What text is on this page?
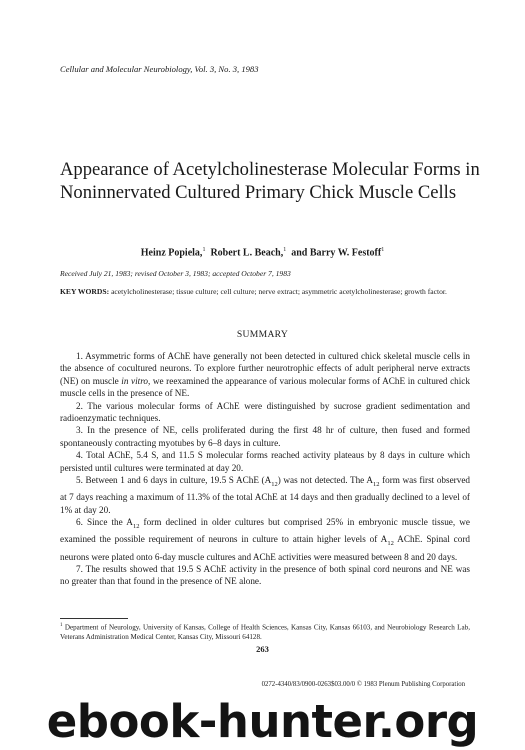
Cellular and Molecular Neurobiology, Vol. 3, No. 3, 1983
Appearance of Acetylcholinesterase Molecular Forms in Noninnervated Cultured Primary Chick Muscle Cells
Heinz Popiela,$^1$ Robert L. Beach,$^1$ and Barry W. Festoff$^1$
Received July 21, 1983; revised October 3, 1983; accepted October 7, 1983
KEY WORDS: acetylcholinesterase; tissue culture; cell culture; nerve extract; asymmetric acetylcholinesterase; growth factor.
SUMMARY

1. Asymmetric forms of AChE have generally not been detected in cultured chick skeletal muscle cells in the absence of cocultured neurons. To explore further neurotrophic effects of adult peripheral nerve extracts (NE) on muscle in vitro, we reexamined the appearance of various molecular forms of AChE in cultured chick muscle cells in the presence of NE.

2. The various molecular forms of AChE were distinguished by sucrose gradient sedimentation and radioenzymatic techniques.

3. In the presence of NE, cells proliferated during the first 48 hr of culture, then fused and formed spontaneously contracting myotubes by 6–8 days in culture.

4. Total AChE, 5.4 S, and 11.5 S molecular forms reached activity plateaus by 8 days in culture which persisted until cultures were terminated at day 20.

5. Between 1 and 6 days in culture, 19.5 S AChE $(A_{12})$ was not detected. The $A_{12}$ form was first observed at 7 days reaching a maximum of 11.3% of the total AChE at 14 days and then gradually declined to a level of 1% at day 20.

6. Since the $A_{12}$ form declined in older cultures but comprised 25% in embryonic muscle tissue, we examined the possible requirement of neurons in culture to attain higher levels of $A_{12}$ AChE. Spinal cord neurons were plated onto 6-day muscle cultures and AChE activities were measured between 8 and 20 days.

7. The results showed that 19.5 S AChE activity in the presence of both spinal cord neurons and NE was no greater than that found in the presence of NE alone.

$^1$ Department of Neurology, University of Kansas, College of Health Sciences, Kansas City, Kansas 66103, and Neurobiology Research Lab, Veterans Administration Medical Center, Kansas City, Missouri 64128.
263
0272-4340/83/0900-0263$03.00/0 © 1983 Plenum Publishing Corporation
ebook-hunter.org
